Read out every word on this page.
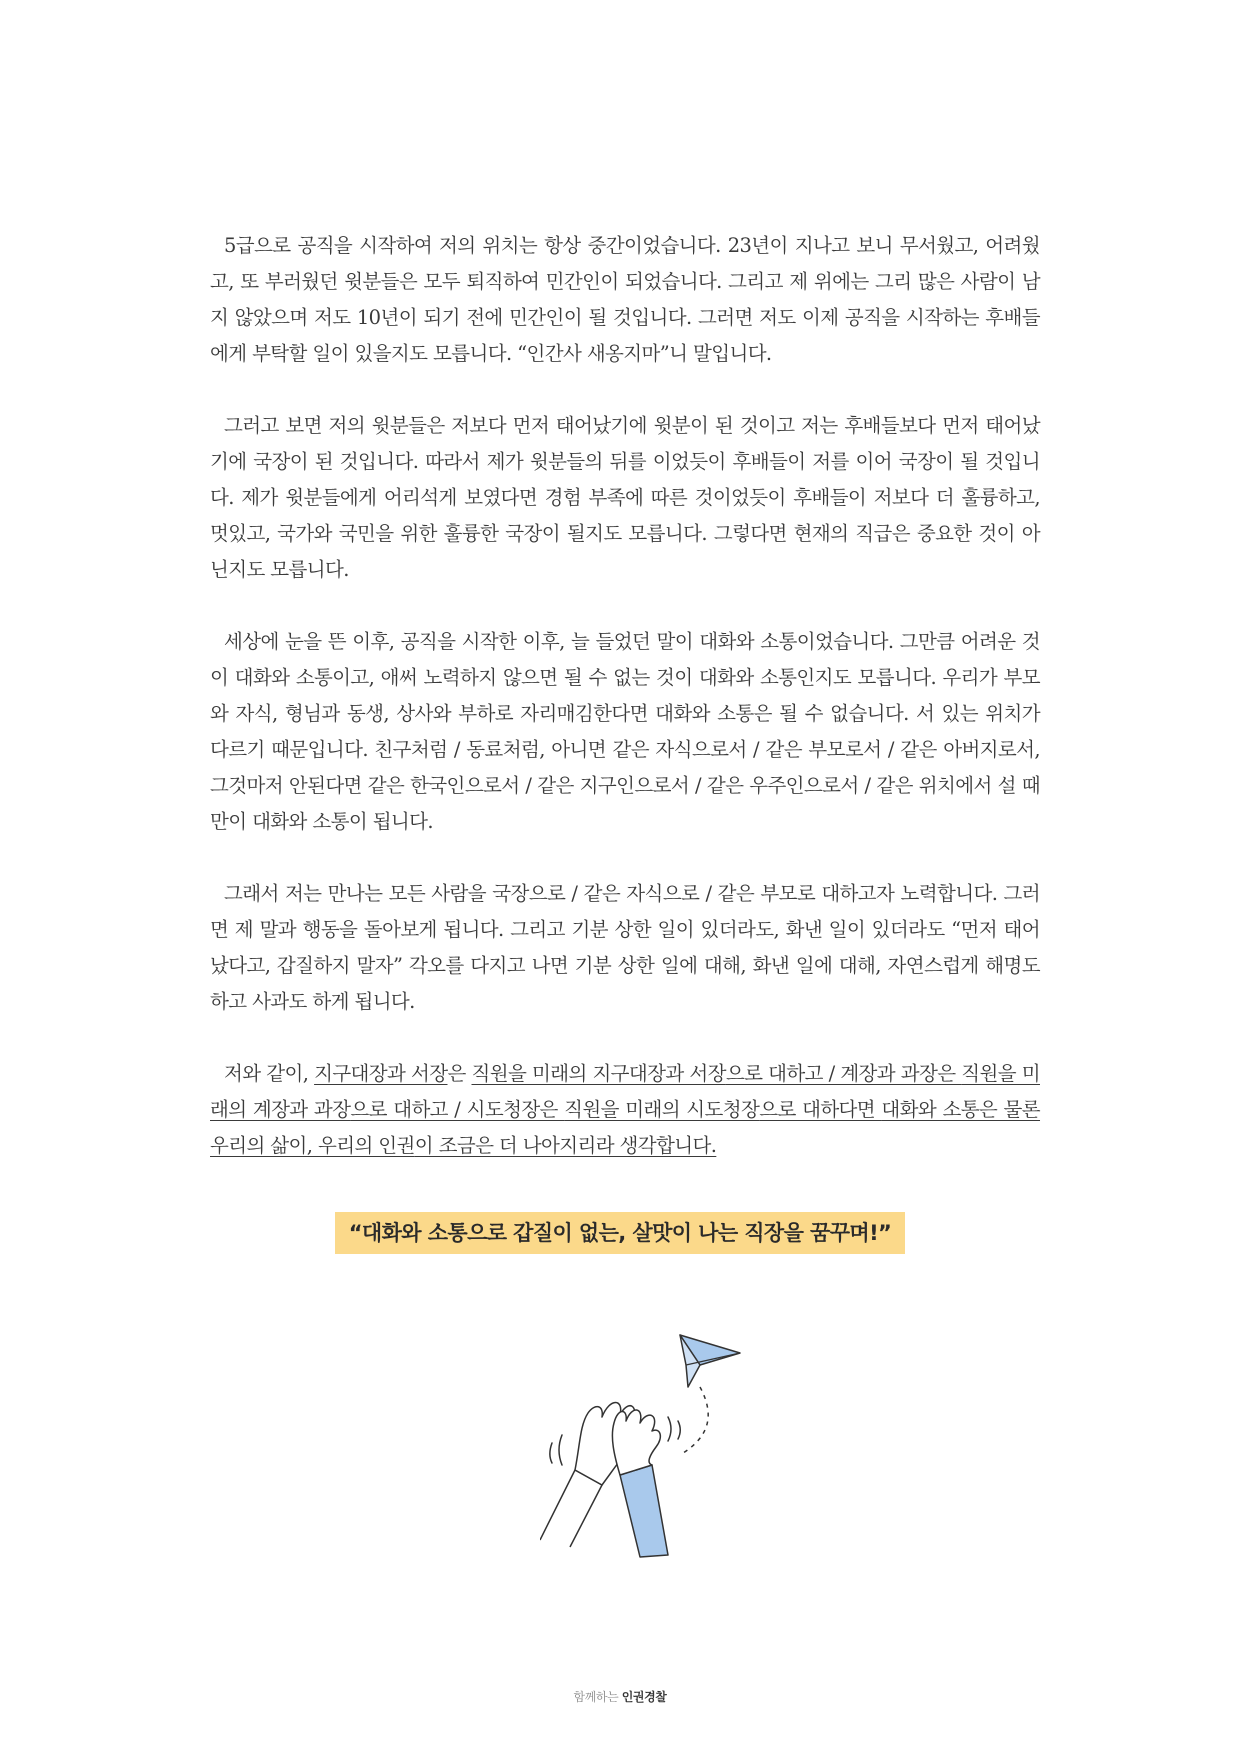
5급으로 공직을 시작하여 저의 위치는 항상 중간이었습니다. 23년이 지나고 보니 무서웠고, 어려웠고, 또 부러웠던 윗분들은 모두 퇴직하여 민간인이 되었습니다. 그리고 제 위에는 그리 많은 사람이 남지 않았으며 저도 10년이 되기 전에 민간인이 될 것입니다. 그러면 저도 이제 공직을 시작하는 후배들에게 부탁할 일이 있을지도 모릅니다. “인간사 새옹지마”니 말입니다.

그러고 보면 저의 윗분들은 저보다 먼저 태어났기에 윗분이 된 것이고 저는 후배들보다 먼저 태어났기에 국장이 된 것입니다. 따라서 제가 윗분들의 뒤를 이었듯이 후배들이 저를 이어 국장이 될 것입니다. 제가 윗분들에게 어리석게 보였다면 경험 부족에 따른 것이었듯이 후배들이 저보다 더 훌륭하고, 멋있고, 국가와 국민을 위한 훌륭한 국장이 될지도 모릅니다. 그렇다면 현재의 직급은 중요한 것이 아닌지도 모릅니다.

세상에 눈을 뜬 이후, 공직을 시작한 이후, 늘 들었던 말이 대화와 소통이었습니다. 그만큼 어려운 것이 대화와 소통이고, 애써 노력하지 않으면 될 수 없는 것이 대화와 소통인지도 모릅니다. 우리가 부모와 자식, 형님과 동생, 상사와 부하로 자리매김한다면 대화와 소통은 될 수 없습니다. 서 있는 위치가 다르기 때문입니다. 친구처럼 / 동료처럼, 아니면 같은 자식으로서 / 같은 부모로서 / 같은 아버지로서, 그것마저 안된다면 같은 한국인으로서 / 같은 지구인으로서 / 같은 우주인으로서 / 같은 위치에서 설 때만이 대화와 소통이 됩니다.

그래서 저는 만나는 모든 사람을 국장으로 / 같은 자식으로 / 같은 부모로 대하고자 노력합니다. 그러면 제 말과 행동을 돌아보게 됩니다. 그리고 기분 상한 일이 있더라도, 화낸 일이 있더라도 “먼저 태어났다고, 갑질하지 말자” 각오를 다지고 나면 기분 상한 일에 대해, 화낸 일에 대해, 자연스럽게 해명도 하고 사과도 하게 됩니다.

저와 같이, 지구대장과 서장은 직원을 미래의 지구대장과 서장으로 대하고 / 계장과 과장은 직원을 미래의 계장과 과장으로 대하고 / 시도청장은 직원을 미래의 시도청장으로 대하다면 대화와 소통은 물론 우리의 삶이, 우리의 인권이 조금은 더 나아지리라 생각합니다.

“대화와 소통으로 갑질이 없는, 살맛이 나는 직장을 꿈꾸며!”
함께하는 인권경찰
